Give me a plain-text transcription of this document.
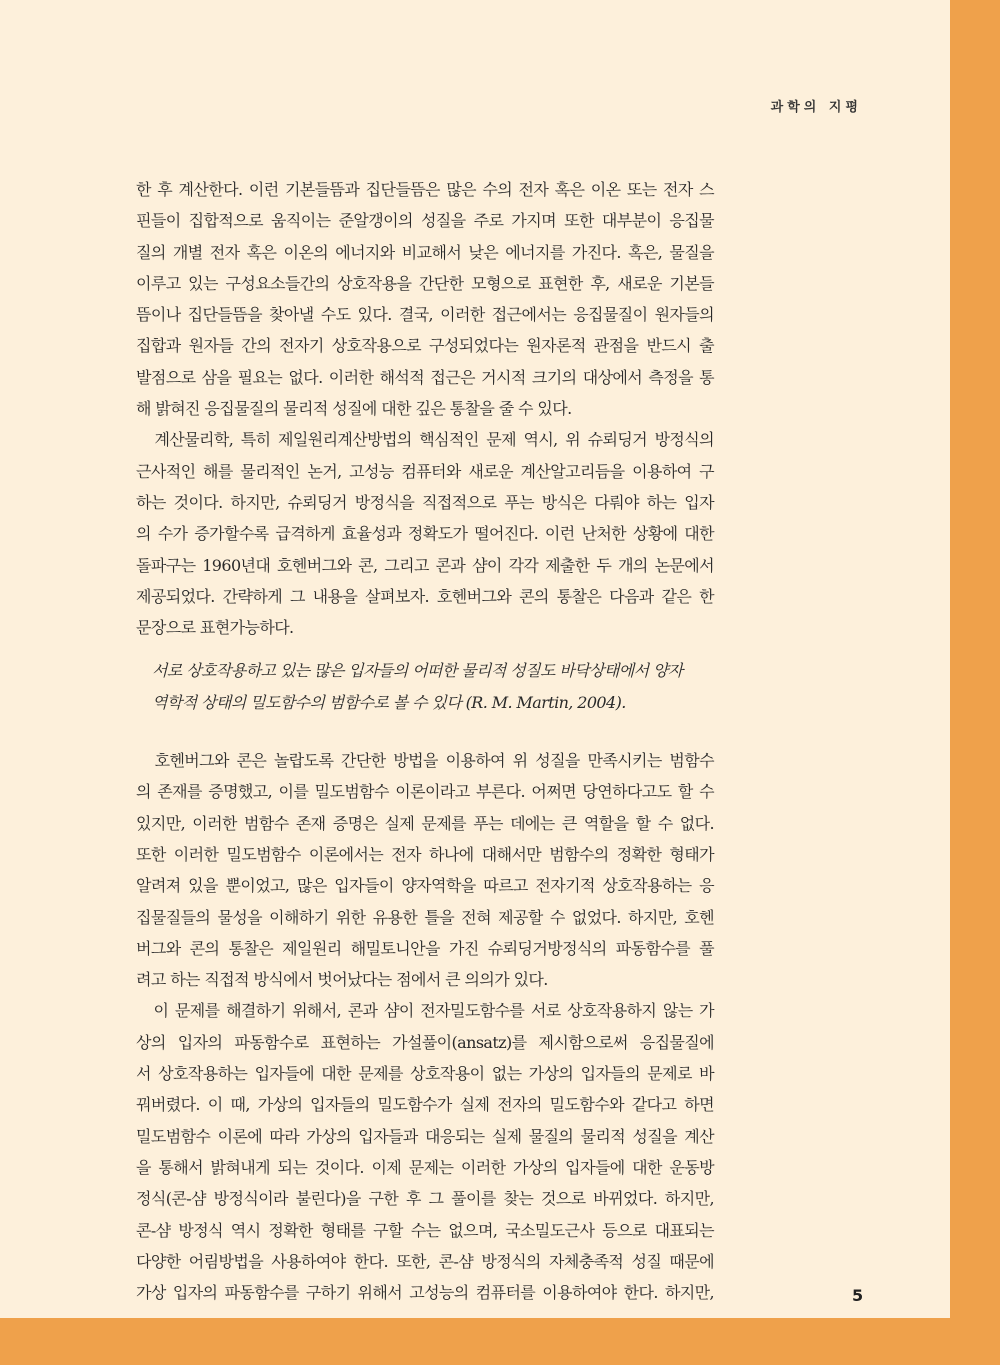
과학의 지평
한 후 계산한다. 이런 기본들뜸과 집단들뜸은 많은 수의 전자 혹은 이온 또는 전자 스
핀들이 집합적으로 움직이는 준알갱이의 성질을 주로 가지며 또한 대부분이 응집물
질의 개별 전자 혹은 이온의 에너지와 비교해서 낮은 에너지를 가진다. 혹은, 물질을
이루고 있는 구성요소들간의 상호작용을 간단한 모형으로 표현한 후, 새로운 기본들
뜸이나 집단들뜸을 찾아낼 수도 있다. 결국, 이러한 접근에서는 응집물질이 원자들의
집합과 원자들 간의 전자기 상호작용으로 구성되었다는 원자론적 관점을 반드시 출
발점으로 삼을 필요는 없다. 이러한 해석적 접근은 거시적 크기의 대상에서 측정을 통
해 밝혀진 응집물질의 물리적 성질에 대한 깊은 통찰을 줄 수 있다.
　계산물리학, 특히 제일원리계산방법의 핵심적인 문제 역시, 위 슈뢰딩거 방정식의
근사적인 해를 물리적인 논거, 고성능 컴퓨터와 새로운 계산알고리듬을 이용하여 구
하는 것이다. 하지만, 슈뢰딩거 방정식을 직접적으로 푸는 방식은 다뤄야 하는 입자
의 수가 증가할수록 급격하게 효율성과 정확도가 떨어진다. 이런 난처한 상황에 대한
돌파구는 1960년대 호헨버그와 콘, 그리고 콘과 샴이 각각 제출한 두 개의 논문에서
제공되었다. 간략하게 그 내용을 살펴보자. 호헨버그와 콘의 통찰은 다음과 같은 한
문장으로 표현가능하다.
서로 상호작용하고 있는 많은 입자들의 어떠한 물리적 성질도 바닥상태에서 양자
역학적 상태의 밀도함수의 범함수로 볼 수 있다 (R. M. Martin, 2004).
　호헨버그와 콘은 놀랍도록 간단한 방법을 이용하여 위 성질을 만족시키는 범함수
의 존재를 증명했고, 이를 밀도범함수 이론이라고 부른다. 어쩌면 당연하다고도 할 수
있지만, 이러한 범함수 존재 증명은 실제 문제를 푸는 데에는 큰 역할을 할 수 없다.
또한 이러한 밀도범함수 이론에서는 전자 하나에 대해서만 범함수의 정확한 형태가
알려져 있을 뿐이었고, 많은 입자들이 양자역학을 따르고 전자기적 상호작용하는 응
집물질들의 물성을 이해하기 위한 유용한 틀을 전혀 제공할 수 없었다. 하지만, 호헨
버그와 콘의 통찰은 제일원리 해밀토니안을 가진 슈뢰딩거방정식의 파동함수를 풀
려고 하는 직접적 방식에서 벗어났다는 점에서 큰 의의가 있다.
　이 문제를 해결하기 위해서, 콘과 샴이 전자밀도함수를 서로 상호작용하지 않는 가
상의 입자의 파동함수로 표현하는 가설풀이(ansatz)를 제시함으로써 응집물질에
서 상호작용하는 입자들에 대한 문제를 상호작용이 없는 가상의 입자들의 문제로 바
꿔버렸다. 이 때, 가상의 입자들의 밀도함수가 실제 전자의 밀도함수와 같다고 하면
밀도범함수 이론에 따라 가상의 입자들과 대응되는 실제 물질의 물리적 성질을 계산
을 통해서 밝혀내게 되는 것이다. 이제 문제는 이러한 가상의 입자들에 대한 운동방
정식(콘-샴 방정식이라 불린다)을 구한 후 그 풀이를 찾는 것으로 바뀌었다. 하지만,
콘-샴 방정식 역시 정확한 형태를 구할 수는 없으며, 국소밀도근사 등으로 대표되는
다양한 어림방법을 사용하여야 한다. 또한, 콘-샴 방정식의 자체충족적 성질 때문에
가상 입자의 파동함수를 구하기 위해서 고성능의 컴퓨터를 이용하여야 한다. 하지만,	5
